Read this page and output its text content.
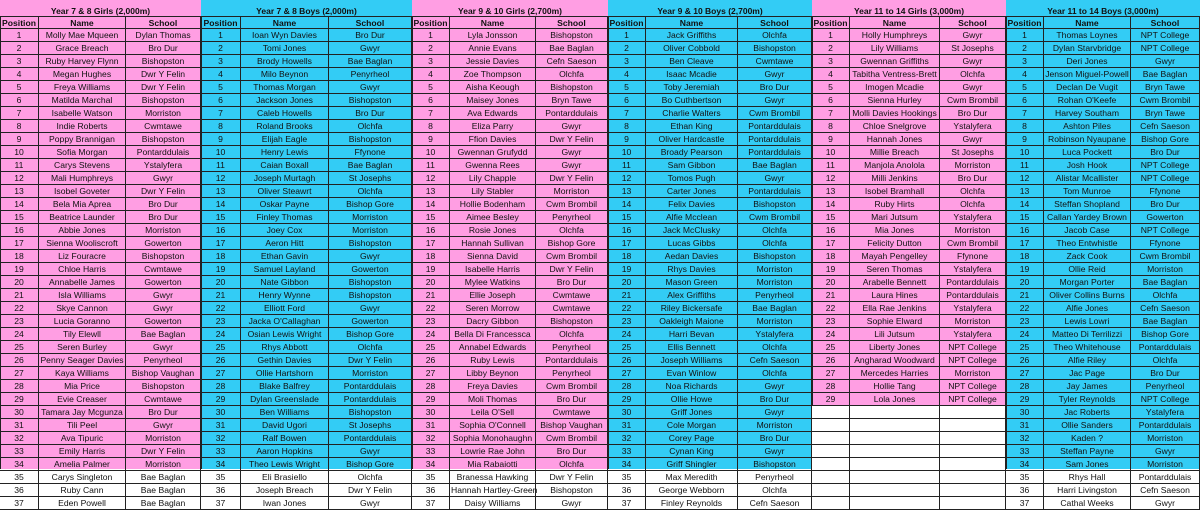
Year 7 & 8 Girls (2,000m)
Position	Name	School
1	Molly Mae Mqueen	Dylan Thomas
2	Grace Breach	Bro Dur
3	Ruby Harvey Flynn	Bishopston
4	Megan Hughes	Dwr Y Felin
5	Freya Williams	Dwr Y Felin
6	Matilda Marchal	Bishopston
7	Isabelle Watson	Morriston
8	Indie Roberts	Cwmtawe
9	Poppy Brannigan	Bishopston
10	Sofia Morgan	Pontarddulais
11	Carys Stevens	Ystalyfera
12	Mali Humphreys	Gwyr
13	Isobel Goveter	Dwr Y Felin
14	Bela Mia Aprea	Bro Dur
15	Beatrice Launder	Bro Dur
16	Abbie Jones	Morriston
17	Sienna Wooliscroft	Gowerton
18	Liz Fouracre	Bishopston
19	Chloe Harris	Cwmtawe
20	Annabelle James	Gowerton
21	Isla Williams	Gwyr
22	Skye Cannon	Gwyr
23	Lucia Goranno	Gowerton
24	Tily Elewll	Bae Baglan
25	Seren Burley	Gwyr
26	Penny Seager Davies	Penyrheol
27	Kaya Williams	Bishop Vaughan
28	Mia Price	Bishopston
29	Evie Creaser	Cwmtawe
30	Tamara Jay Mcgunza	Bro Dur
31	Tili Peel	Gwyr
32	Ava Tipuric	Morriston
33	Emily Harris	Dwr Y Felin
34	Amelia Palmer	Morriston
35	Carys Singleton	Bae Baglan
36	Ruby Cann	Bae Baglan
37	Eden Powell	Bae Baglan
Year 7 & 8 Boys (2,000m)
Position	Name	School
1	Ioan Wyn Davies	Bro Dur
2	Tomi Jones	Gwyr
3	Brody Howells	Bae Baglan
4	Milo Beynon	Penyrheol
5	Thomas Morgan	Gwyr
6	Jackson Jones	Bishopston
7	Caleb Howells	Bro Dur
8	Roland Brooks	Olchfa
9	Elijah Eagle	Bishopston
10	Henry Lewis	Ffynone
11	Caian Boxall	Bae Baglan
12	Joseph Murtagh	St Josephs
13	Oliver Steawrt	Olchfa
14	Oskar Payne	Bishop Gore
15	Finley Thomas	Morriston
16	Joey Cox	Morriston
17	Aeron Hitt	Bishopston
18	Ethan Gavin	Gwyr
19	Samuel Layland	Gowerton
20	Nate Gibbon	Bishopston
21	Henry Wynne	Bishopston
22	Elliott Ford	Gwyr
23	Jacka O'Callaghan	Gowerton
24	Osian Lewis Wright	Bishop Gore
25	Rhys Abbott	Olchfa
26	Gethin Davies	Dwr Y Felin
27	Ollie Hartshorn	Morriston
28	Blake Balfrey	Pontarddulais
29	Dylan Greenslade	Pontarddulais
30	Ben Williams	Bishopston
31	David Ugori	St Josephs
32	Ralf Bowen	Pontarddulais
33	Aaron Hopkins	Gwyr
34	Theo Lewis Wright	Bishop Gore
35	Eli Brasiello	Olchfa
36	Joseph Breach	Dwr Y Felin
37	Iwan Jones	Gwyr
Year 9 & 10 Girls (2,700m)
Position	Name	School
1	Lyla Jonsson	Bishopston
2	Annie Evans	Bae Baglan
3	Jessie Davies	Cefn Saeson
4	Zoe Thompson	Olchfa
5	Aisha Keough	Bishopston
6	Maisey Jones	Bryn Tawe
7	Ava Edwards	Pontarddulais
8	Eliza Parry	Gwyr
9	Ffion Davies	Dwr Y Felin
10	Gwennan Grufydd	Gwyr
11	Gwenna Rees	Gwyr
12	Lily Chapple	Dwr Y Felin
13	Lily Stabler	Morriston
14	Hollie Bodenham	Cwm Brombil
15	Aimee Besley	Penyrheol
16	Rosie Jones	Olchfa
17	Hannah Sullivan	Bishop Gore
18	Sienna David	Cwm Brombil
19	Isabelle Harris	Dwr Y Felin
20	Mylee Watkins	Bro Dur
21	Ellie Joseph	Cwmtawe
22	Seren Morrow	Cwmtawe
23	Dacry Gibbon	Bishopston
24	Bella Di Francessca	Olchfa
25	Annabel Edwards	Penyrheol
26	Ruby Lewis	Pontarddulais
27	Libby Beynon	Penyrheol
28	Freya Davies	Cwm Brombil
29	Moli Thomas	Bro Dur
30	Leila O'Sell	Cwmtawe
31	Sophia O'Connell	Bishop Vaughan
32	Sophia Monohaughn	Cwm Brombil
33	Lowrie Rae John	Bro Dur
34	Mia Rabaiotti	Olchfa
35	Branessa Hawking	Dwr Y Felin
36	Hannah Hartley-Green	Bishopston
37	Daisy Williams	Gwyr
Year 9 & 10 Boys (2,700m)
Position	Name	School
1	Jack Griffiths	Olchfa
2	Oliver Cobbold	Bishopston
3	Ben Cleave	Cwmtawe
4	Isaac Mcadie	Gwyr
5	Toby Jeremiah	Bro Dur
6	Bo Cuthbertson	Gwyr
7	Charlie Walters	Cwm Brombil
8	Ethan King	Pontarddulais
9	Oliver Hardcastle	Pontarddulais
10	Broady Pearson	Pontarddulais
11	Sam Gibbon	Bae Baglan
12	Tomos Pugh	Gwyr
13	Carter Jones	Pontarddulais
14	Felix Davies	Bishopston
15	Alfie Mcclean	Cwm Brombil
16	Jack McClusky	Olchfa
17	Lucas Gibbs	Olchfa
18	Aedan Davies	Bishopston
19	Rhys Davies	Morriston
20	Mason Green	Morriston
21	Alex Griffiths	Penyrheol
22	Riley Bickersafe	Bae Baglan
23	Oakleigh Maione	Morriston
24	Harri Bevan	Ystalyfera
25	Ellis Bennett	Olchfa
26	Joseph Williams	Cefn Saeson
27	Evan Winlow	Olchfa
28	Noa Richards	Gwyr
29	Ollie Howe	Bro Dur
30	Griff Jones	Gwyr
31	Cole Morgan	Morriston
32	Corey Page	Bro Dur
33	Cynan King	Gwyr
34	Griff Shingler	Bishopston
35	Max Meredith	Penyrheol
36	George Webborn	Olchfa
37	Finley Reynolds	Cefn Saeson
Year 11 to 14 Girls (3,000m)
Position	Name	School
1	Holly Humphreys	Gwyr
2	Lily Williams	St Josephs
3	Gwennan Griffiths	Gwyr
4	Tabitha Ventress-Brett	Olchfa
5	Imogen Mcadie	Gwyr
6	Sienna Hurley	Cwm Brombil
7	Molli Davies Hookings	Bro Dur
8	Chloe Snelgrove	Ystalyfera
9	Hannah Jones	Gwyr
10	Millie Breach	St Josephs
11	Manjola Anolola	Morriston
12	Milli Jenkins	Bro Dur
13	Isobel Bramhall	Olchfa
14	Ruby Hirts	Olchfa
15	Mari Jutsum	Ystalyfera
16	Mia Jones	Morriston
17	Felicity Dutton	Cwm Brombil
18	Mayah Pengelley	Ffynone
19	Seren Thomas	Ystalyfera
20	Arabelle Bennett	Pontarddulais
21	Laura Hines	Pontarddulais
22	Ella Rae Jenkins	Ystalyfera
23	Sophie Elward	Morriston
24	Lili Jutsum	Ystalyfera
25	Liberty Jones	NPT College
26	Angharad Woodward	NPT College
27	Mercedes Harries	Morriston
28	Hollie Tang	NPT College
29	Lola Jones	NPT College
Year 11 to 14 Boys (3,000m)
Position	Name	School
1	Thomas Loynes	NPT College
2	Dylan Starvbridge	NPT College
3	Deri Jones	Gwyr
4	Jenson Miguel-Powell	Bae Baglan
5	Declan De Vugit	Bryn Tawe
6	Rohan O'Keefe	Cwm Brombil
7	Harvey Southam	Bryn Tawe
8	Ashton Piles	Cefn Saeson
9	Robinson Nyaupane	Bishop Gore
10	Luca Pockett	Bro Dur
11	Josh Hook	NPT College
12	Alistar Mcallister	NPT College
13	Tom Munroe	Ffynone
14	Steffan Shopland	Bro Dur
15	Callan Yardey Brown	Gowerton
16	Jacob Case	NPT College
17	Theo Entwhistle	Ffynone
18	Zack Cook	Cwm Brombil
19	Ollie Reid	Morriston
20	Morgan Porter	Bae Baglan
21	Oliver Collins Burns	Olchfa
22	Alfie Jones	Cefn Saeson
23	Lewis Lowri	Bae Baglan
24	Matteo Di Terrilizzi	Bishop Gore
25	Theo Whitehouse	Pontarddulais
26	Alfie Riley	Olchfa
27	Jac Page	Bro Dur
28	Jay James	Penyrheol
29	Tyler Reynolds	NPT College
30	Jac Roberts	Ystalyfera
31	Ollie Sanders	Pontarddulais
32	Kaden ?	Morriston
33	Steffan Payne	Gwyr
34	Sam Jones	Morriston
35	Rhys Hall	Pontarddulais
36	Harri Livingston	Cefn Saeson
37	Cathal Weeks	Gwyr
